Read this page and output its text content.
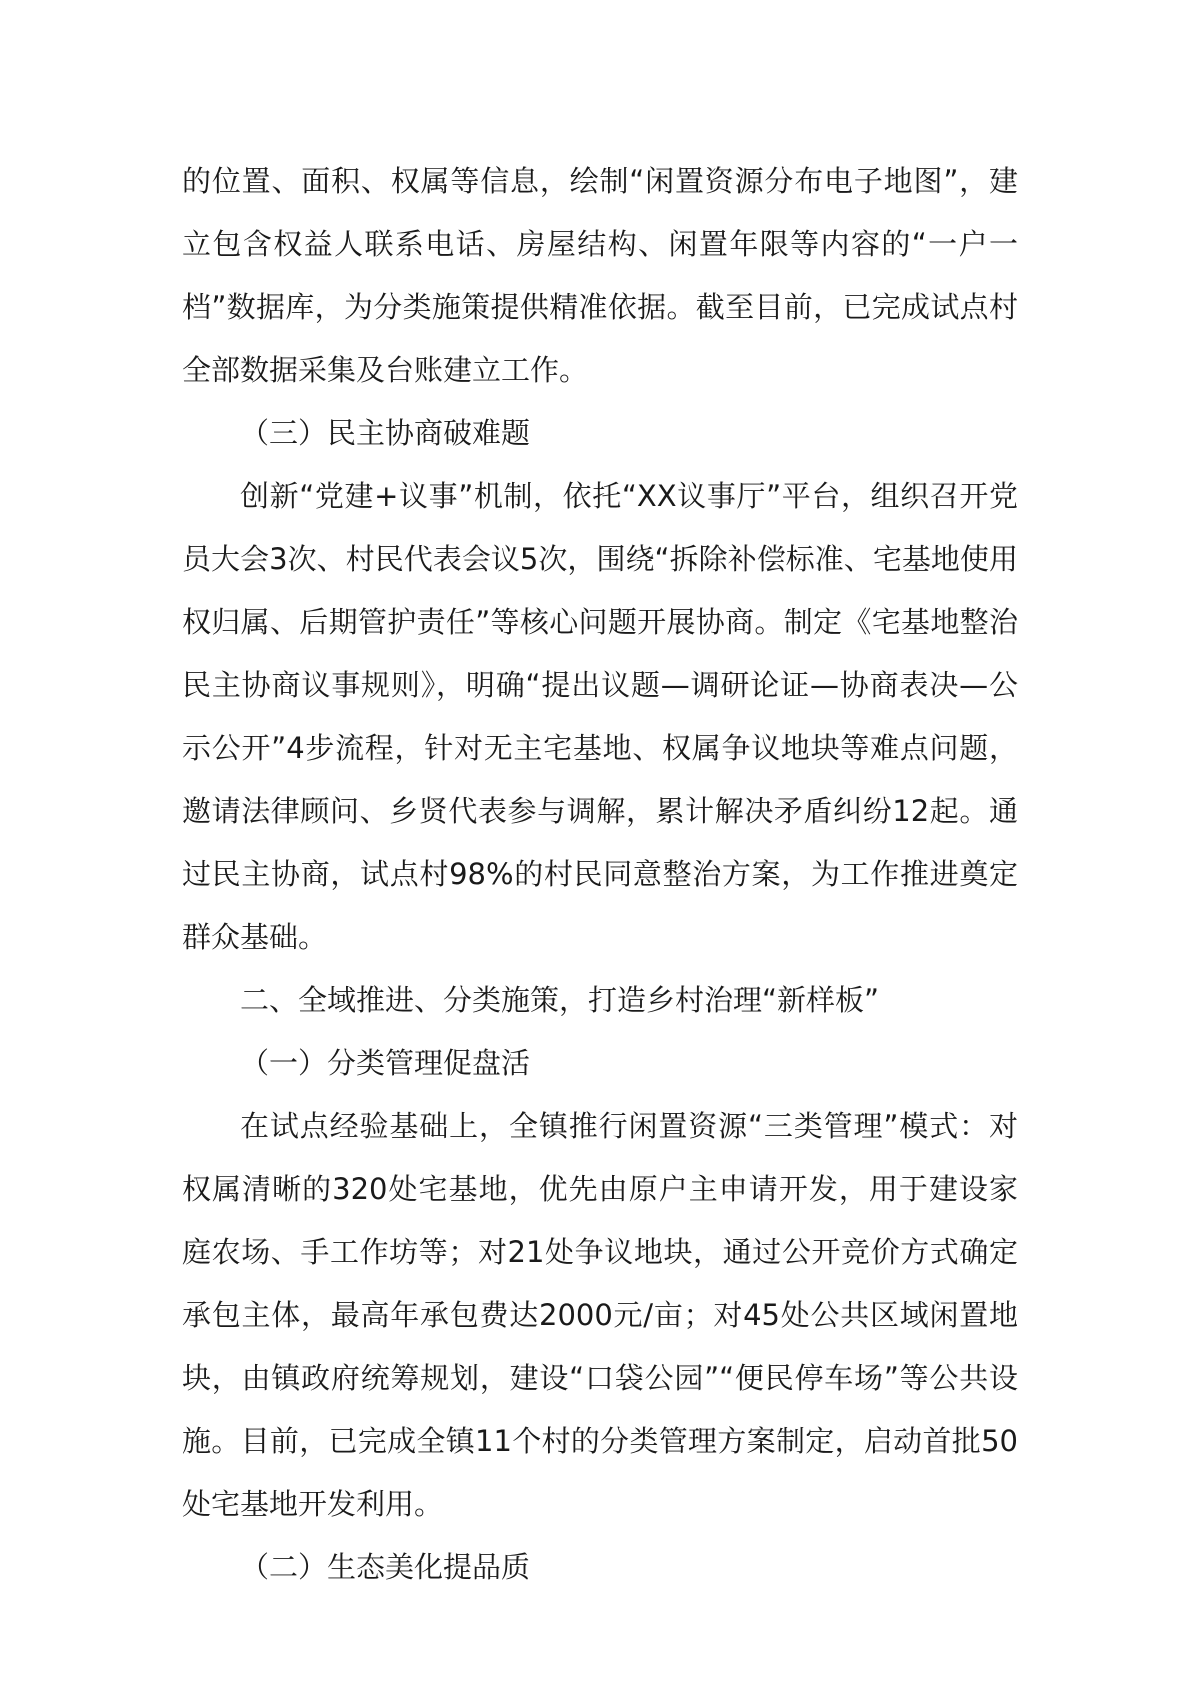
的位置、面积、权属等信息，绘制“闲置资源分布电子地图”，建立包含权益人联系电话、房屋结构、闲置年限等内容的“一户一档”数据库，为分类施策提供精准依据。截至目前，已完成试点村全部数据采集及台账建立工作。

（三）民主协商破难题

创新“党建+议事”机制，依托“XX议事厅”平台，组织召开党员大会3次、村民代表会议5次，围绕“拆除补偿标准、宅基地使用权归属、后期管护责任”等核心问题开展协商。制定《宅基地整治民主协商议事规则》，明确“提出议题—调研论证—协商表决—公示公开”4步流程，针对无主宅基地、权属争议地块等难点问题，邀请法律顾问、乡贤代表参与调解，累计解决矛盾纠纷12起。通过民主协商，试点村98%的村民同意整治方案，为工作推进奠定群众基础。

二、全域推进、分类施策，打造乡村治理“新样板”

（一）分类管理促盘活

在试点经验基础上，全镇推行闲置资源“三类管理”模式：对权属清晰的320处宅基地，优先由原户主申请开发，用于建设家庭农场、手工作坊等；对21处争议地块，通过公开竞价方式确定承包主体，最高年承包费达2000元/亩；对45处公共区域闲置地块，由镇政府统筹规划，建设“口袋公园”“便民停车场”等公共设施。目前，已完成全镇11个村的分类管理方案制定，启动首批50处宅基地开发利用。

（二）生态美化提品质
